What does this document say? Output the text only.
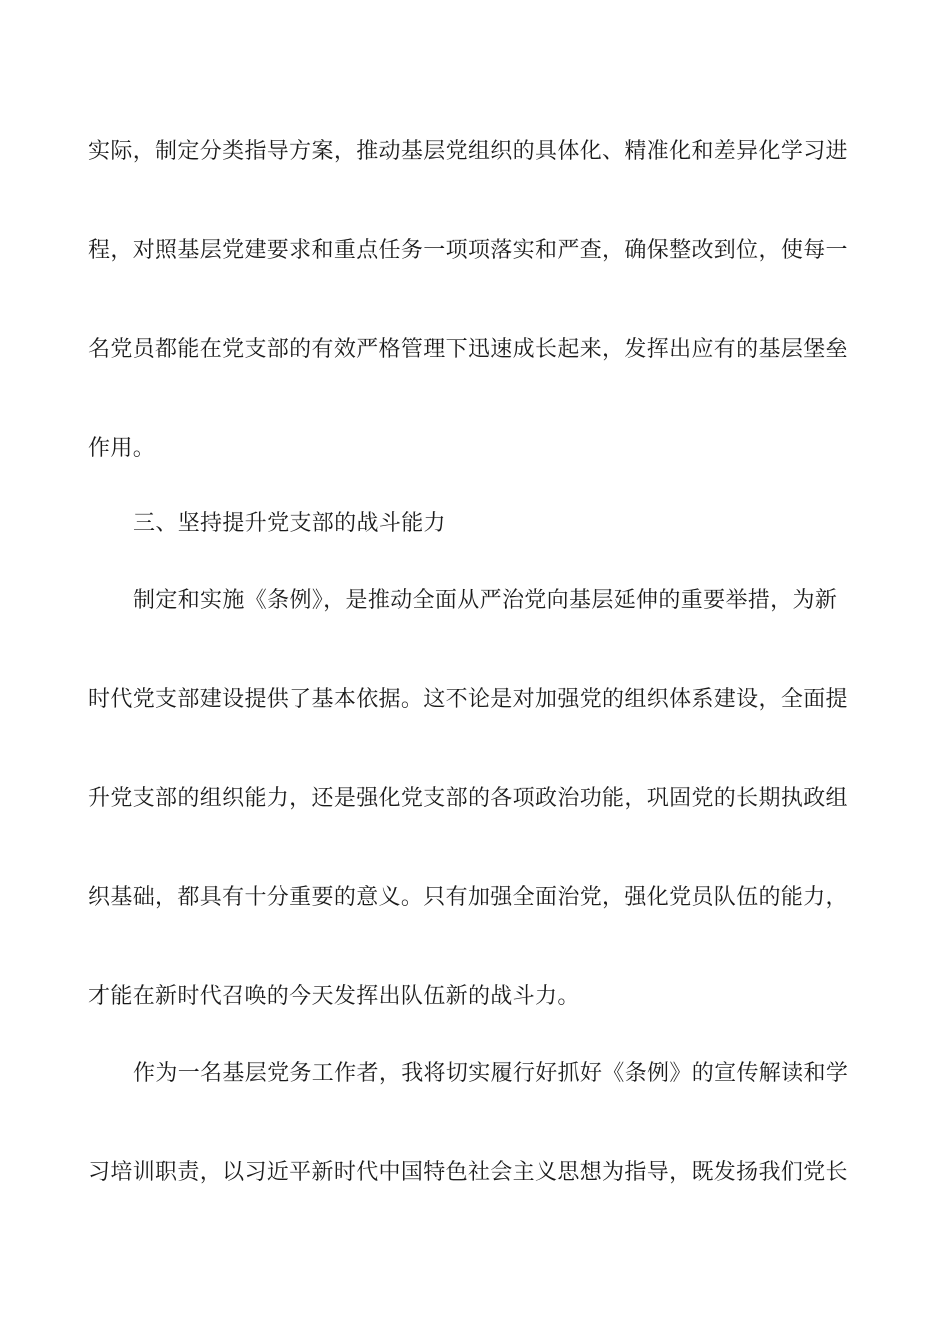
实际，制定分类指导方案，推动基层党组织的具体化、精准化和差异化学习进
程，对照基层党建要求和重点任务一项项落实和严查，确保整改到位，使每一
名党员都能在党支部的有效严格管理下迅速成长起来，发挥出应有的基层堡垒
作用。
三、坚持提升党支部的战斗能力
制定和实施《条例》，是推动全面从严治党向基层延伸的重要举措，为新
时代党支部建设提供了基本依据。这不论是对加强党的组织体系建设，全面提
升党支部的组织能力，还是强化党支部的各项政治功能，巩固党的长期执政组
织基础，都具有十分重要的意义。只有加强全面治党，强化党员队伍的能力，
才能在新时代召唤的今天发挥出队伍新的战斗力。
作为一名基层党务工作者，我将切实履行好抓好《条例》的宣传解读和学
习培训职责，以习近平新时代中国特色社会主义思想为指导，既发扬我们党长
